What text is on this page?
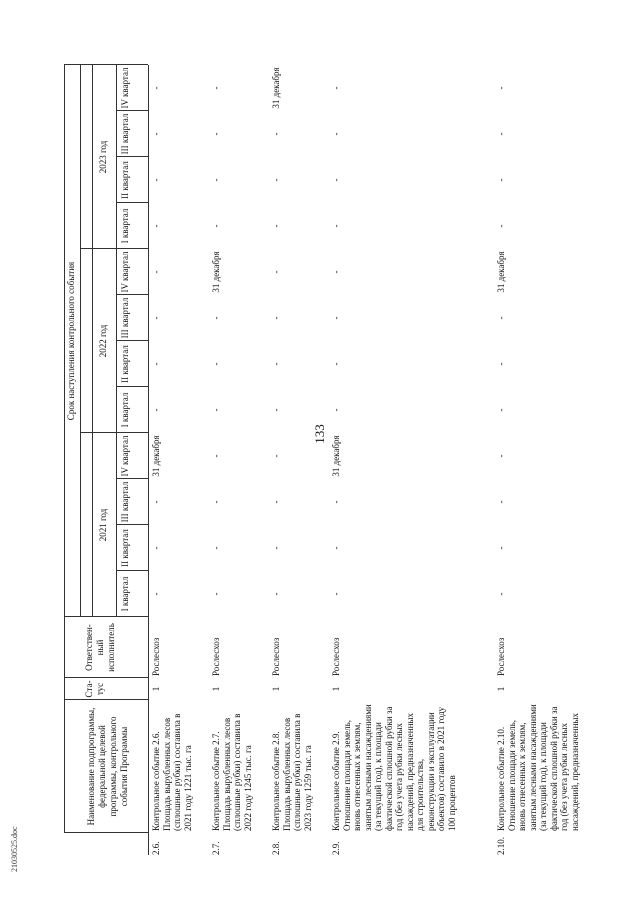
133
21030525.doc
Наименование подпрограммы, федеральной целевой программы, контрольного события Программы
Ста- тус
Ответствен- ный исполнитель
Срок наступления контрольного события
2021 год
2022 год
2023 год
I квартал
II квартал
III квартал
IV квартал
I квартал
II квартал
III квартал
IV квартал
I квартал
II квартал
III квартал
IV квартал
2.6.
Контрольное событие 2.6. Площадь вырубленных лесов (сплошные рубки) составила в 2021 году 1221 тыс. га
1
Рослесхоз
-
-
-
31 декабря
-
-
-
-
-
-
-
-
2.7.
Контрольное событие 2.7. Площадь вырубленных лесов (сплошные рубки) составила в 2022 году 1245 тыс. га
1
Рослесхоз
-
-
-
-
-
-
-
31 декабря
-
-
-
-
2.8.
Контрольное событие 2.8. Площадь вырубленных лесов (сплошные рубки) составила в 2023 году 1259 тыс. га
1
Рослесхоз
-
-
-
-
-
-
-
-
-
-
-
31 декабря
2.9.
Контрольное событие 2.9. Отношение площади земель, вновь отнесенных к землям, занятым лесными насаждениями (за текущий год), к площади фактической сплошной рубки за год (без учета рубки лесных насаждений, предназначенных для строительства, реконструкции и эксплуатации объектов) составило в 2021 году 100 процентов
1
Рослесхоз
-
-
-
31 декабря
-
-
-
-
-
-
-
-
2.10.
Контрольное событие 2.10. Отношение площади земель, вновь отнесенных к землям, занятым лесными насаждениями (за текущий год), к площади фактической сплошной рубки за год (без учета рубки лесных насаждений, предназначенных
1
Рослесхоз
-
-
-
-
-
-
-
31 декабря
-
-
-
-
